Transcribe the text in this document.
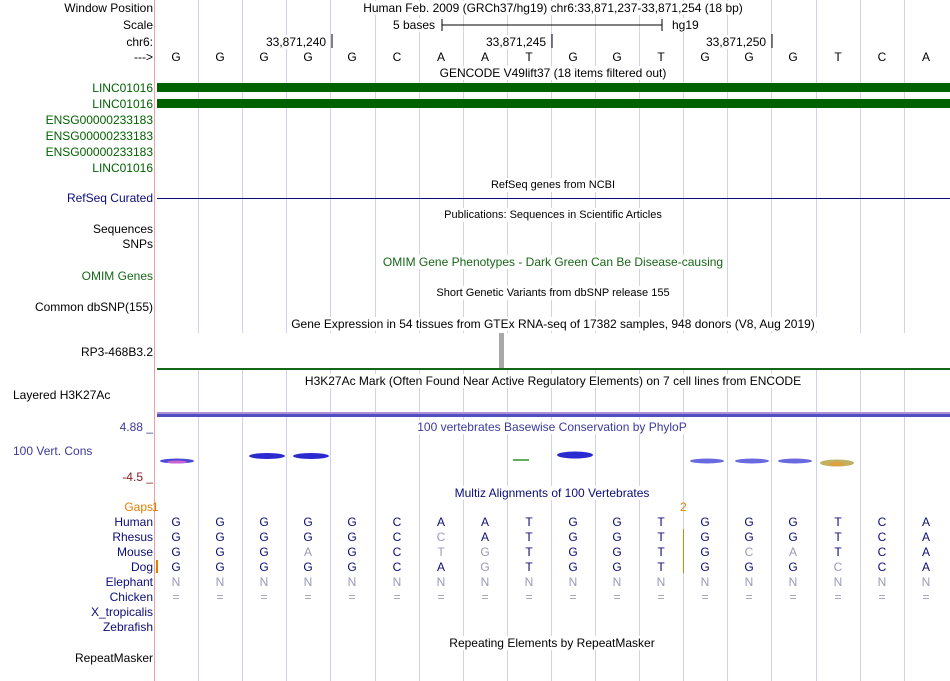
Window Position	Human Feb. 2009 (GRCh37/hg19) chr6:33,871,237-33,871,254 (18 bp)
Scale	5 bases	hg19
chr6:	33,871,240	33,871,245	33,871,250
--->	G	G	G	G	G	C	A	A	T	G	G	T	G	G	G	T	C	A
GENCODE V49lift37 (18 items filtered out)
LINC01016
LINC01016
ENSG00000233183
ENSG00000233183
ENSG00000233183
LINC01016
RefSeq genes from NCBI
RefSeq Curated
Publications: Sequences in Scientific Articles
Sequences
SNPs
OMIM Gene Phenotypes - Dark Green Can Be Disease-causing
OMIM Genes
Short Genetic Variants from dbSNP release 155
Common dbSNP(155)
Gene Expression in 54 tissues from GTEx RNA-seq of 17382 samples, 948 donors (V8, Aug 2019)
RP3-468B3.2
H3K27Ac Mark (Often Found Near Active Regulatory Elements) on 7 cell lines from ENCODE
Layered H3K27Ac
4.88 _	100 vertebrates Basewise Conservation by PhyloP
100 Vert. Cons
-4.5 _
Multiz Alignments of 100 Vertebrates
Gaps 1	2
Human	G	G	G	G	G	C	A	A	T	G	G	T	G	G	G	T	C	A
Rhesus	G	G	G	G	G	C	C	A	T	G	G	T	G	G	G	T	C	A
Mouse	G	G	G	A	G	C	T	G	T	G	G	T	G	C	A	T	C	A
Dog	G	G	G	G	G	C	A	G	T	G	G	T	G	G	G	C	C	A
Elephant	N	N	N	N	N	N	N	N	N	N	N	N	N	N	N	N	N	N
Chicken	=	=	=	=	=	=	=	=	=	=	=	=	=	=	=	=	=	=
X_tropicalis
Zebrafish
Repeating Elements by RepeatMasker
RepeatMasker
